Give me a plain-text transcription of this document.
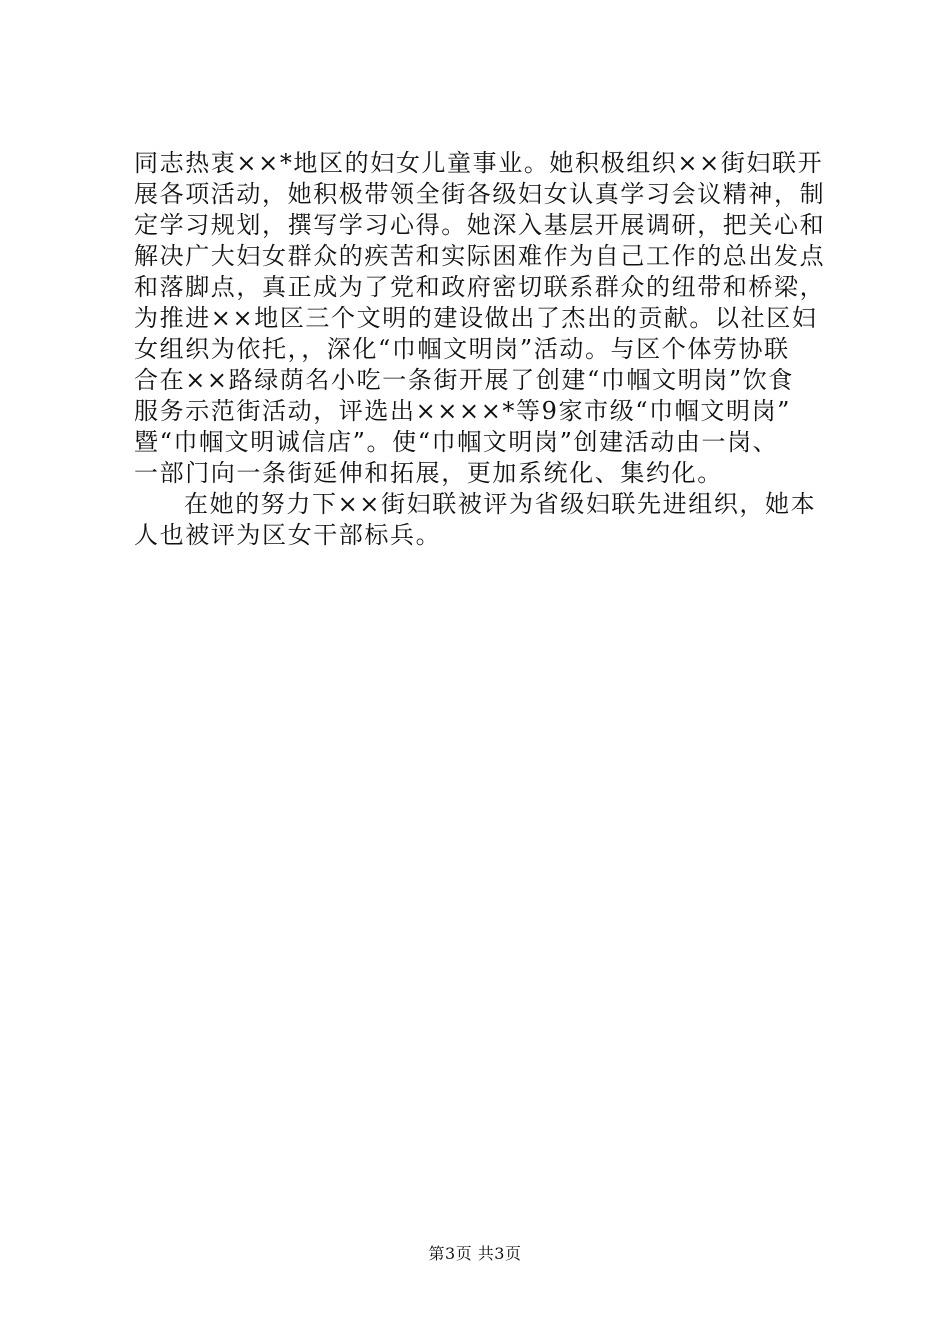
同志热衷××*地区的妇女儿童事业。她积极组织××街妇联开
展各项活动，她积极带领全街各级妇女认真学习会议精神，制
定学习规划，撰写学习心得。她深入基层开展调研，把关心和
解决广大妇女群众的疾苦和实际困难作为自己工作的总出发点
和落脚点，真正成为了党和政府密切联系群众的纽带和桥梁，
为推进××地区三个文明的建设做出了杰出的贡献。以社区妇
女组织为依托，，深化“巾帼文明岗”活动。与区个体劳协联
合在××路绿荫名小吃一条街开展了创建“巾帼文明岗”饮食
服务示范街活动，评选出××××*等9家市级“巾帼文明岗”
暨“巾帼文明诚信店”。使“巾帼文明岗”创建活动由一岗、
一部门向一条街延伸和拓展，更加系统化、集约化。
在她的努力下××街妇联被评为省级妇联先进组织，她本
人也被评为区女干部标兵。
第3页 共3页
